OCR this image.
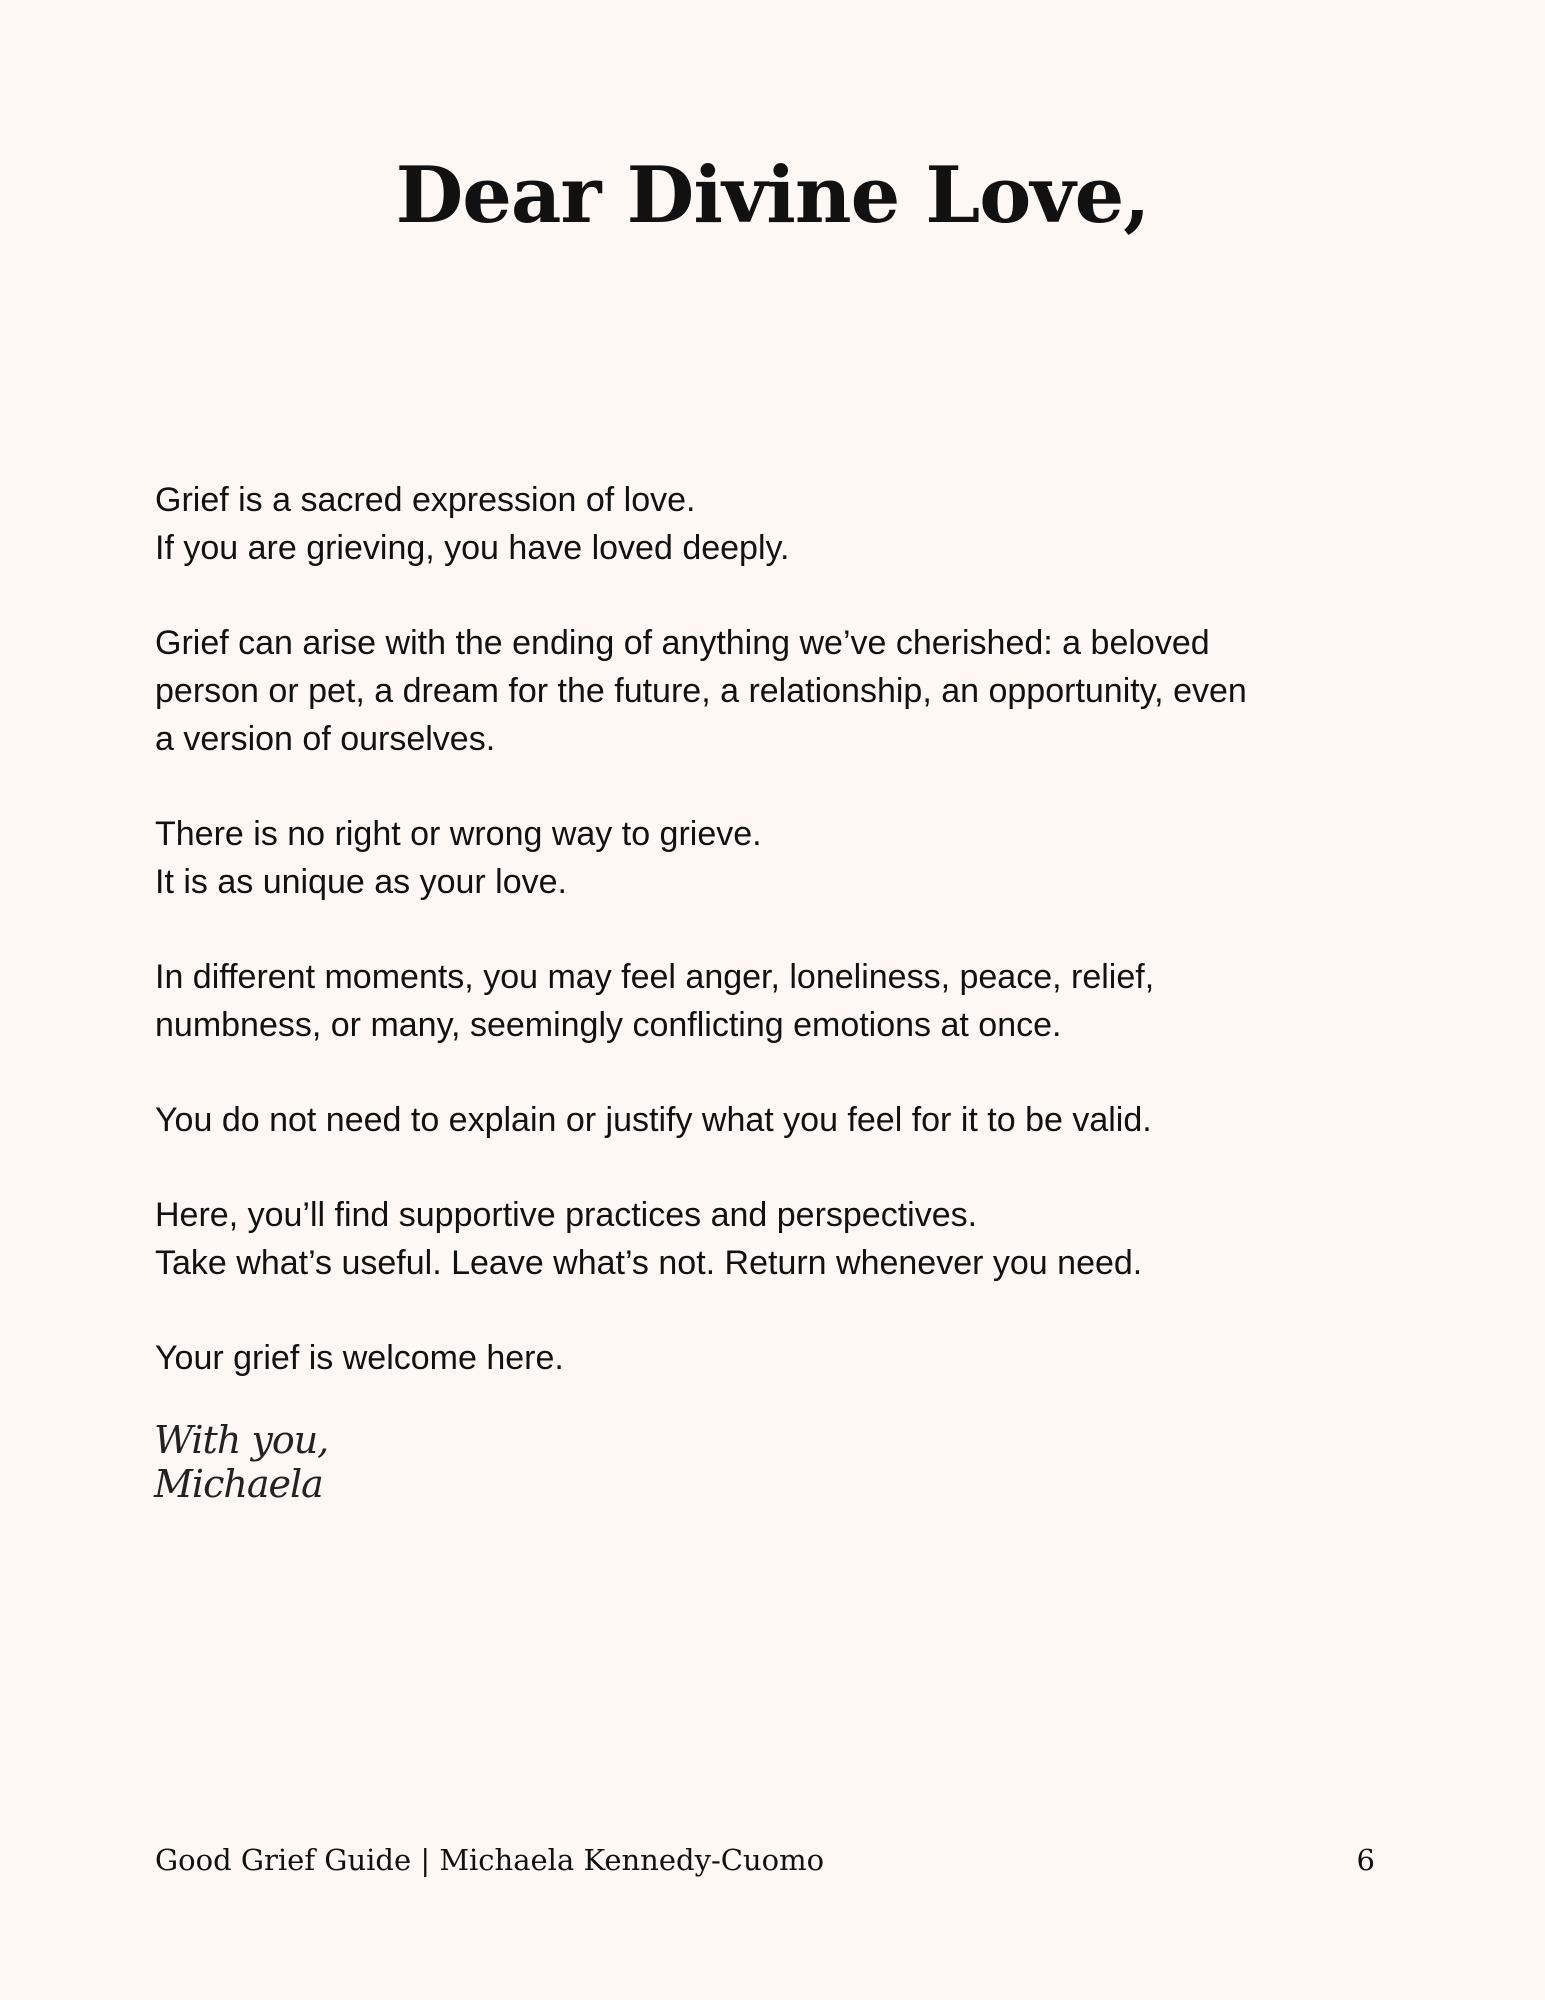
Dear Divine Love,

Grief is a sacred expression of love.
If you are grieving, you have loved deeply.

Grief can arise with the ending of anything we’ve cherished: a beloved
person or pet, a dream for the future, a relationship, an opportunity, even
a version of ourselves.

There is no right or wrong way to grieve.
It is as unique as your love.

In different moments, you may feel anger, loneliness, peace, relief,
numbness, or many, seemingly conflicting emotions at once.

You do not need to explain or justify what you feel for it to be valid.

Here, you’ll find supportive practices and perspectives.
Take what’s useful. Leave what’s not. Return whenever you need.

Your grief is welcome here.

With you,
Michaela
Good Grief Guide | Michaela Kennedy-Cuomo	6
